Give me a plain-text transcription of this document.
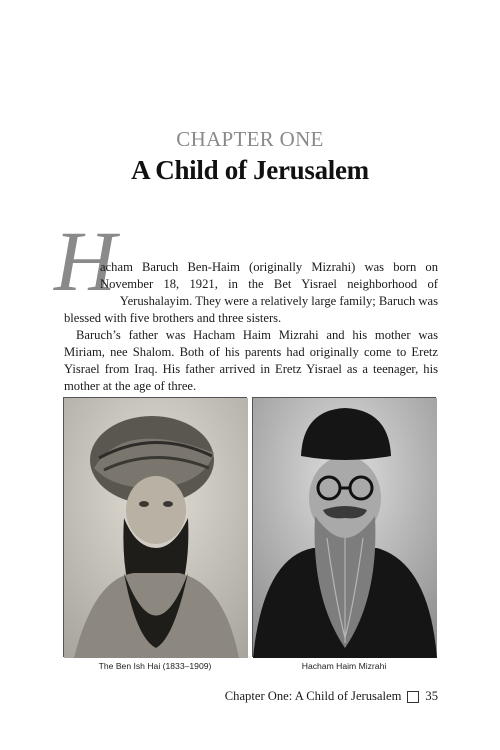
CHAPTER ONE
A Child of Jerusalem
H
acham Baruch Ben-Haim (originally Mizrahi) was born on
November 18, 1921, in the Bet Yisrael neighborhood of
Yerushalayim. They were a relatively large family; Baruch was
blessed with five brothers and three sisters.

Baruch’s father was Hacham Haim Mizrahi and his mother was Miriam, nee Shalom. Both of his parents had originally come to Eretz Yisrael from Iraq. His father arrived in Eretz Yisrael as a teenager, his mother at the age of three.

The Ben Ish Hai (1833–1909)	Hacham Haim Mizrahi
Chapter One: A Child of Jerusalem 35
